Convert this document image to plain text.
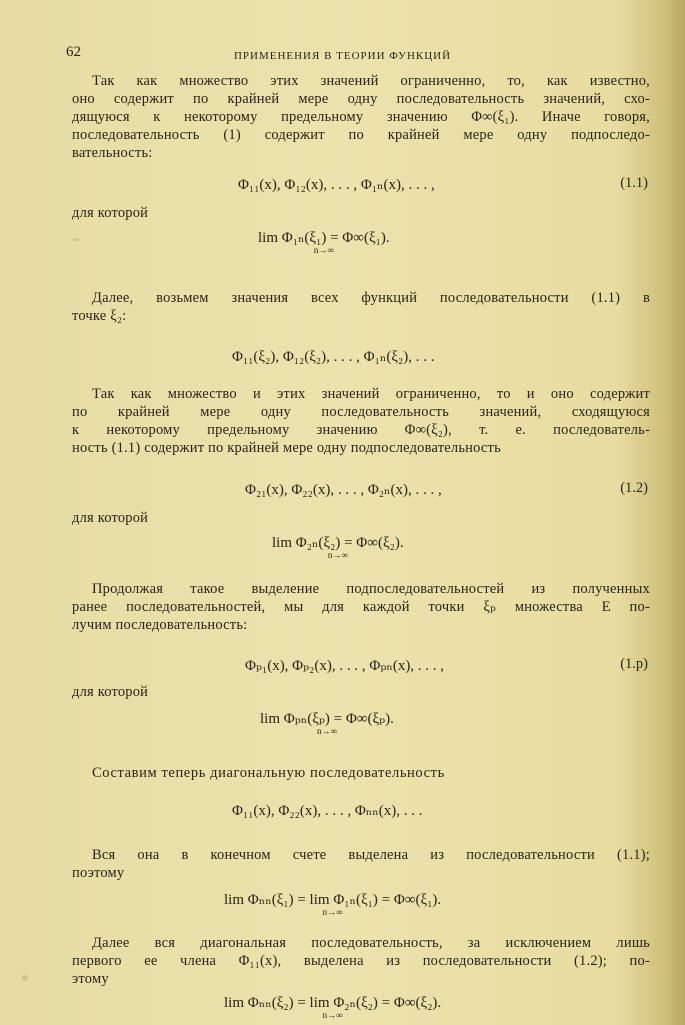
62	ПРИМЕНЕНИЯ В ТЕОРИИ ФУНКЦИЙ
Так как множество этих значений ограниченно, то, как известно,
оно содержит по крайней мере одну последовательность значений, схо-
дящуюся к некоторому предельному значению Φ∞(ξ₁). Иначе говоря,
последовательность (1) содержит по крайней мере одну подпоследо-
вательность:
Φ₁₁(x), Φ₁₂(x), . . . , Φ₁ₙ(x), . . . ,	(1.1)
для которой
lim Φ₁ₙ(ξ₁) = Φ∞(ξ₁).
n→∞
Далее, возьмем значения всех функций последовательности (1.1) в
точке ξ₂:
Φ₁₁(ξ₂), Φ₁₂(ξ₂), . . . , Φ₁ₙ(ξ₂), . . .
Так как множество и этих значений ограниченно, то и оно содержит
по крайней мере одну последовательность значений, сходящуюся
к некоторому предельному значению Φ∞(ξ₂), т. е. последователь-
ность (1.1) содержит по крайней мере одну подпоследовательность
Φ₂₁(x), Φ₂₂(x), . . . , Φ₂ₙ(x), . . . ,	(1.2)
для которой
lim Φ₂ₙ(ξ₂) = Φ∞(ξ₂).
n→∞
Продолжая такое выделение подпоследовательностей из полученных
ранее последовательностей, мы для каждой точки ξₚ множества E по-
лучим последовательность:
Φₚ₁(x), Φₚ₂(x), . . . , Φₚₙ(x), . . . ,	(1.p)
для которой
lim Φₚₙ(ξₚ) = Φ∞(ξₚ).
n→∞
Составим теперь диагональную последовательность
Φ₁₁(x), Φ₂₂(x), . . . , Φₙₙ(x), . . .
Вся она в конечном счете выделена из последовательности (1.1);
поэтому
lim Φₙₙ(ξ₁) = lim Φ₁ₙ(ξ₁) = Φ∞(ξ₁).
n→∞
Далее вся диагональная последовательность, за исключением лишь
первого ее члена Φ₁₁(x), выделена из последовательности (1.2); по-
этому
lim Φₙₙ(ξ₂) = lim Φ₂ₙ(ξ₂) = Φ∞(ξ₂).
n→∞
